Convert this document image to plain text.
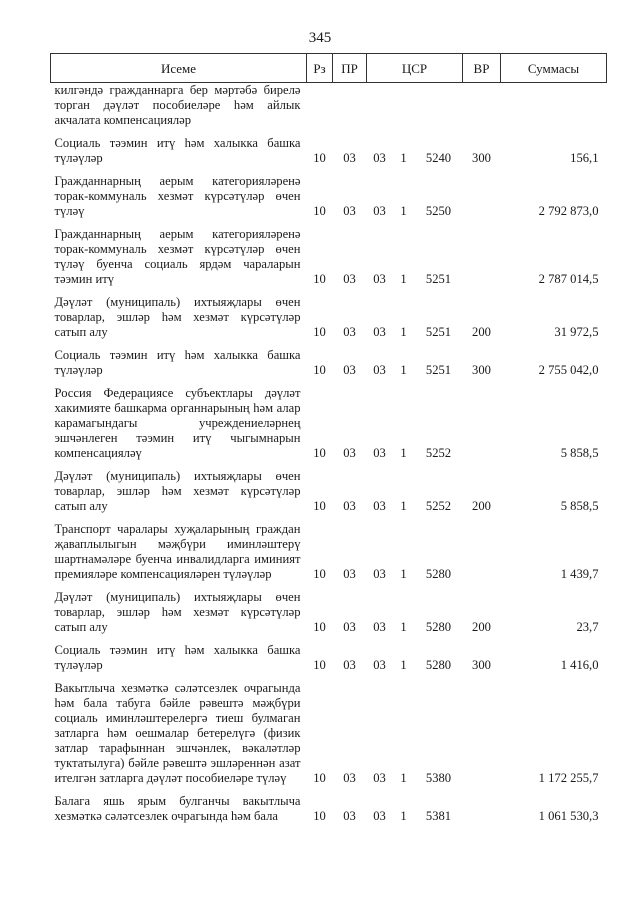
345
Исеме	Рз	ПР	ЦСР			ВР	Суммасы
килгәндә гражданнарга бер мәртәбә бирелә торган дәүләт пособиеләре һәм айлык акчалата компенсацияләр							

Социаль тәэмин итү һәм халыкка башка түләүләр	10	03	03	1	5240	300	156,1

Гражданнарның аерым категорияләренә торак-коммуналь хезмәт күрсәтүләр өчен түләү	10	03	03	1	5250		2 792 873,0

Гражданнарның аерым категорияләренә торак-коммуналь хезмәт күрсәтүләр өчен түләү буенча социаль ярдәм чараларын тәэмин итү	10	03	03	1	5251		2 787 014,5

Дәүләт (муниципаль) ихтыяҗлары өчен товарлар, эшләр һәм хезмәт күрсәтүләр сатып алу	10	03	03	1	5251	200	31 972,5

Социаль тәэмин итү һәм халыкка башка түләүләр	10	03	03	1	5251	300	2 755 042,0

Россия Федерациясе субъектлары дәүләт хакимияте башкарма органнарының һәм алар карамагындагы учреждениеләрнең эшчәнлеген тәэмин итү чыгымнарын компенсацияләү	10	03	03	1	5252		5 858,5

Дәүләт (муниципаль) ихтыяҗлары өчен товарлар, эшләр һәм хезмәт күрсәтүләр сатып алу	10	03	03	1	5252	200	5 858,5

Транспорт чаралары хуҗаларының граждан җаваплылыгын мәҗбүри иминләштерү шартнамәләре буенча инвалидларга иминият премияләре компенсацияләрен түләүләр	10	03	03	1	5280		1 439,7

Дәүләт (муниципаль) ихтыяҗлары өчен товарлар, эшләр һәм хезмәт күрсәтүләр сатып алу	10	03	03	1	5280	200	23,7

Социаль тәэмин итү һәм халыкка башка түләүләр	10	03	03	1	5280	300	1 416,0

Вакытлыча хезмәткә сәләтсезлек очрагында һәм бала табуга бәйле рәвештә мәҗбүри социаль иминләштерелергә тиеш булмаган затларга һәм оешмалар бетерелүгә (физик затлар тарафыннан эшчәнлек, вәкаләтләр туктатылуга) бәйле рәвештә эшләреннән азат ителгән затларга дәүләт пособиеләре түләү	10	03	03	1	5380		1 172 255,7

Балага яшь ярым булганчы вакытлыча хезмәткә сәләтсезлек очрагында һәм бала	10	03	03	1	5381		1 061 530,3
